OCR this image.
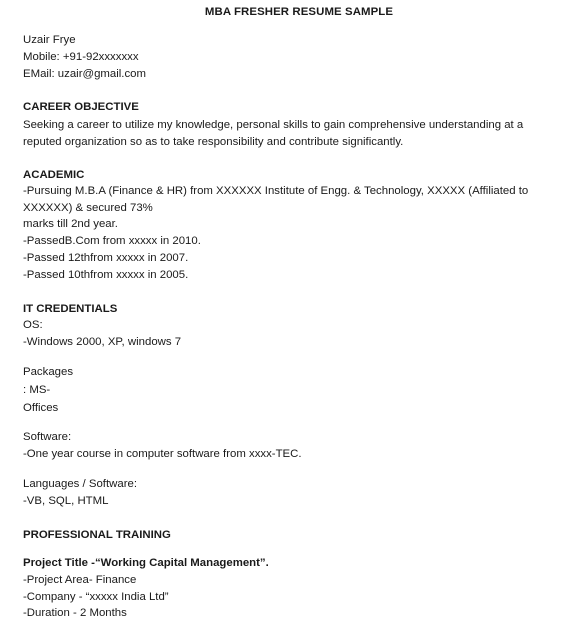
MBA FRESHER RESUME SAMPLE
Uzair Frye
Mobile: +91-92xxxxxxx
EMail: uzair@gmail.com
CAREER OBJECTIVE
Seeking a career to utilize my knowledge, personal skills to gain comprehensive understanding at a
reputed organization so as to take responsibility and contribute significantly.
ACADEMIC
-Pursuing M.B.A (Finance & HR) from XXXXXX Institute of Engg. & Technology, XXXXX (Affiliated to
XXXXXX) & secured 73%
marks till 2nd year.
-PassedB.Com from xxxxx in 2010.
-Passed 12thfrom xxxxx in 2007.
-Passed 10thfrom xxxxx in 2005.
IT CREDENTIALS
OS:
-Windows 2000, XP, windows 7
Packages
: MS-
Offices
Software:
-One year course in computer software from xxxx-TEC.
Languages / Software:
-VB, SQL, HTML
PROFESSIONAL TRAINING
Project Title -“Working Capital Management”.
-Project Area- Finance
-Company - “xxxxx India Ltd”
-Duration - 2 Months
